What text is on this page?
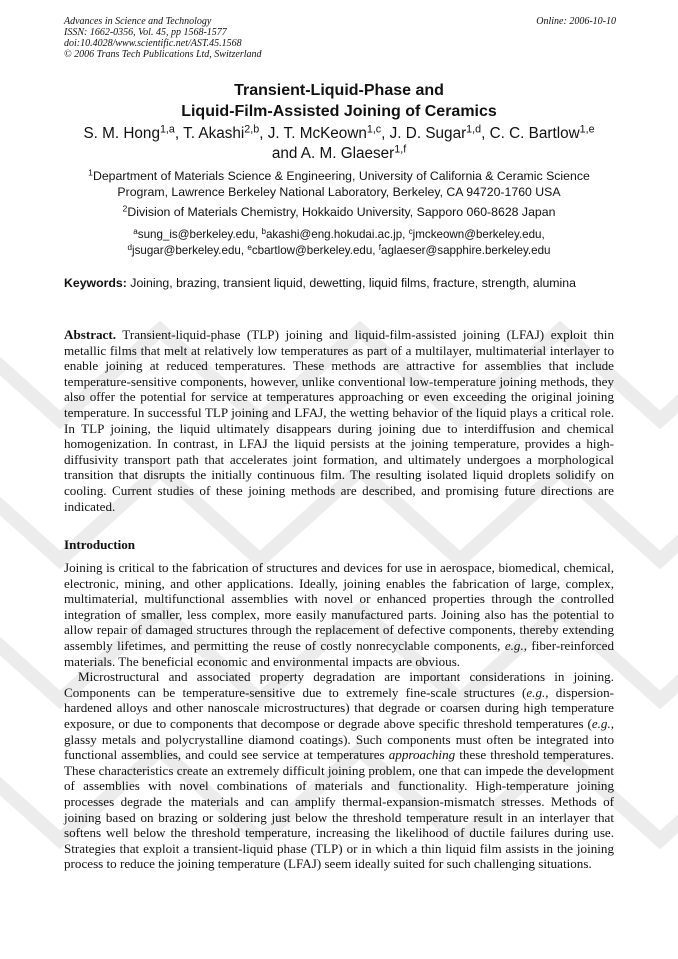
Advances in Science and Technology
ISSN: 1662-0356, Vol. 45, pp 1568-1577
doi:10.4028/www.scientific.net/AST.45.1568
© 2006 Trans Tech Publications Ltd, Switzerland
Online: 2006-10-10
Transient-Liquid-Phase and
Liquid-Film-Assisted Joining of Ceramics
S. M. Hong$^{1,a}$, T. Akashi$^{2,b}$, J. T. McKeown$^{1,c}$, J. D. Sugar$^{1,d}$, C. C. Bartlow$^{1,e}$
and A. M. Glaeser$^{1,f}$
$^1$Department of Materials Science & Engineering, University of California & Ceramic Science
Program, Lawrence Berkeley National Laboratory, Berkeley, CA 94720-1760 USA
$^2$Division of Materials Chemistry, Hokkaido University, Sapporo 060-8628 Japan
$^a$sung_is@berkeley.edu, $^b$akashi@eng.hokudai.ac.jp, $^c$jmckeown@berkeley.edu,
$^d$jsugar@berkeley.edu, $^e$cbartlow@berkeley.edu, $^f$aglaeser@sapphire.berkeley.edu
Keywords: Joining, brazing, transient liquid, dewetting, liquid films, fracture, strength, alumina
Abstract. Transient-liquid-phase (TLP) joining and liquid-film-assisted joining (LFAJ) exploit thin metallic films that melt at relatively low temperatures as part of a multilayer, multimaterial interlayer to enable joining at reduced temperatures. These methods are attractive for assemblies that include temperature-sensitive components, however, unlike conventional low-temperature joining methods, they also offer the potential for service at temperatures approaching or even exceeding the original joining temperature. In successful TLP joining and LFAJ, the wetting behavior of the liquid plays a critical role. In TLP joining, the liquid ultimately disappears during joining due to interdiffusion and chemical homogenization. In contrast, in LFAJ the liquid persists at the joining temperature, provides a high-diffusivity transport path that accelerates joint formation, and ultimately undergoes a morphological transition that disrupts the initially continuous film. The resulting isolated liquid droplets solidify on cooling. Current studies of these joining methods are described, and promising future directions are indicated.
Introduction

Joining is critical to the fabrication of structures and devices for use in aerospace, biomedical, chemical, electronic, mining, and other applications. Ideally, joining enables the fabrication of large, complex, multimaterial, multifunctional assemblies with novel or enhanced properties through the controlled integration of smaller, less complex, more easily manufactured parts. Joining also has the potential to allow repair of damaged structures through the replacement of defective components, thereby extending assembly lifetimes, and permitting the reuse of costly nonrecyclable components, e.g., fiber-reinforced materials. The beneficial economic and environmental impacts are obvious.

Microstructural and associated property degradation are important considerations in joining. Components can be temperature-sensitive due to extremely fine-scale structures (e.g., dispersion-hardened alloys and other nanoscale microstructures) that degrade or coarsen during high temperature exposure, or due to components that decompose or degrade above specific threshold temperatures (e.g., glassy metals and polycrystalline diamond coatings). Such components must often be integrated into functional assemblies, and could see service at temperatures approaching these threshold temperatures. These characteristics create an extremely difficult joining problem, one that can impede the development of assemblies with novel combinations of materials and functionality. High-temperature joining processes degrade the materials and can amplify thermal-expansion-mismatch stresses. Methods of joining based on brazing or soldering just below the threshold temperature result in an interlayer that softens well below the threshold temperature, increasing the likelihood of ductile failures during use. Strategies that exploit a transient-liquid phase (TLP) or in which a thin liquid film assists in the joining process to reduce the joining temperature (LFAJ) seem ideally suited for such challenging situations.
